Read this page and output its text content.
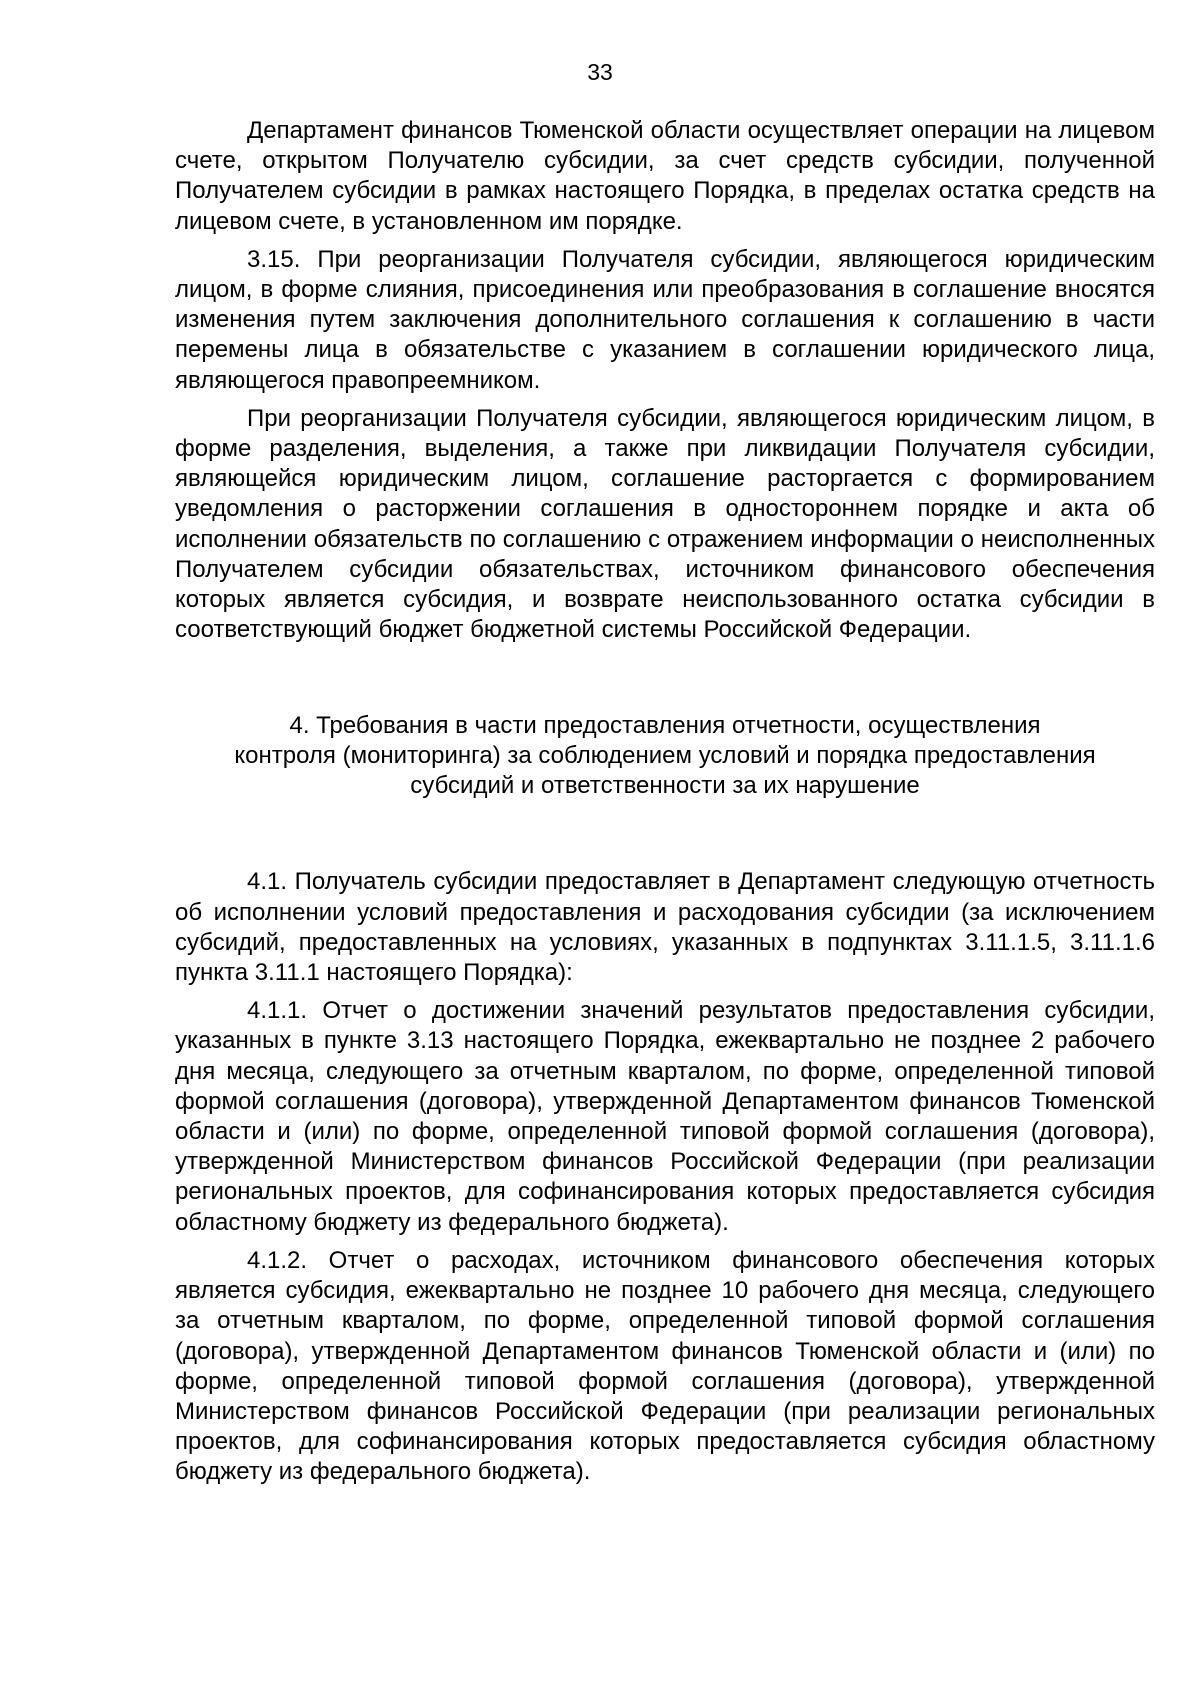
33

Департамент финансов Тюменской области осуществляет операции на лицевом счете, открытом Получателю субсидии, за счет средств субсидии, полученной Получателем субсидии в рамках настоящего Порядка, в пределах остатка средств на лицевом счете, в установленном им порядке.

3.15. При реорганизации Получателя субсидии, являющегося юридическим лицом, в форме слияния, присоединения или преобразования в соглашение вносятся изменения путем заключения дополнительного соглашения к соглашению в части перемены лица в обязательстве с указанием в соглашении юридического лица, являющегося правопреемником.

При реорганизации Получателя субсидии, являющегося юридическим лицом, в форме разделения, выделения, а также при ликвидации Получателя субсидии, являющейся юридическим лицом, соглашение расторгается с формированием уведомления о расторжении соглашения в одностороннем порядке и акта об исполнении обязательств по соглашению с отражением информации о неисполненных Получателем субсидии обязательствах, источником финансового обеспечения которых является субсидия, и возврате неиспользованного остатка субсидии в соответствующий бюджет бюджетной системы Российской Федерации.

4. Требования в части предоставления отчетности, осуществления
контроля (мониторинга) за соблюдением условий и порядка предоставления
субсидий и ответственности за их нарушение

4.1. Получатель субсидии предоставляет в Департамент следующую отчетность об исполнении условий предоставления и расходования субсидии (за исключением субсидий, предоставленных на условиях, указанных в подпунктах 3.11.1.5, 3.11.1.6 пункта 3.11.1 настоящего Порядка):

4.1.1. Отчет о достижении значений результатов предоставления субсидии, указанных в пункте 3.13 настоящего Порядка, ежеквартально не позднее 2 рабочего дня месяца, следующего за отчетным кварталом, по форме, определенной типовой формой соглашения (договора), утвержденной Департаментом финансов Тюменской области и (или) по форме, определенной типовой формой соглашения (договора), утвержденной Министерством финансов Российской Федерации (при реализации региональных проектов, для софинансирования которых предоставляется субсидия областному бюджету из федерального бюджета).

4.1.2. Отчет о расходах, источником финансового обеспечения которых является субсидия, ежеквартально не позднее 10 рабочего дня месяца, следующего за отчетным кварталом, по форме, определенной типовой формой соглашения (договора), утвержденной Департаментом финансов Тюменской области и (или) по форме, определенной типовой формой соглашения (договора), утвержденной Министерством финансов Российской Федерации (при реализации региональных проектов, для софинансирования которых предоставляется субсидия областному бюджету из федерального бюджета).
